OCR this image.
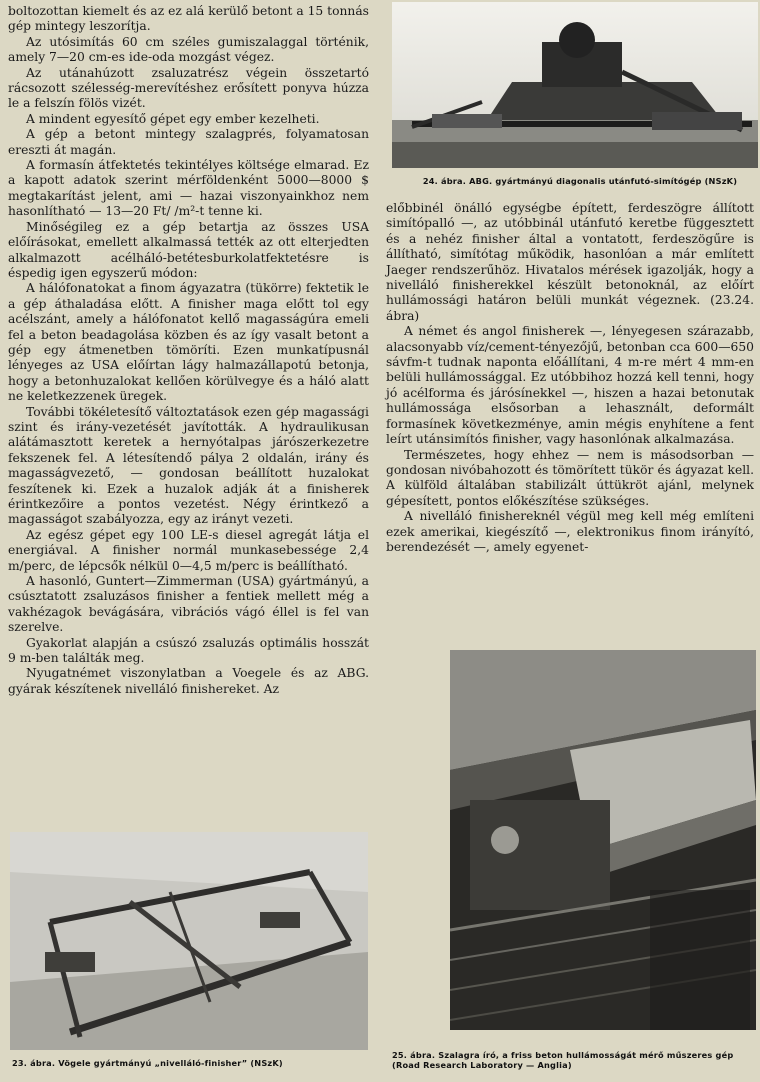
boltozottan kiemelt és az ez alá kerülő betont a 15 tonnás gép mintegy leszorítja.

Az utósimítás 60 cm széles gumiszalaggal történik, amely 7—20 cm-es ide-oda mozgást végez.

Az utánahúzott zsaluzatrész végein összetartó rácsozott szélesség-merevítéshez erősített ponyva húzza le a felszín fölös vizét.

A mindent egyesítő gépet egy ember kezelheti.

A gép a betont mintegy szalagprés, folyamatosan ereszti át magán.

A formasín átfektetés tekintélyes költsége elmarad. Ez a kapott adatok szerint mérföldenként 5000—8000 $ megtakarítást jelent, ami — hazai viszonyainkhoz nem hasonlítható — 13—20 Ft/ /m²-t tenne ki.

Minőségileg ez a gép betartja az összes USA előírásokat, emellett alkalmassá tették az ott elterjedten alkalmazott acélháló-betétesburkolatfektetésre is éspedig igen egyszerű módon:

A hálófonatokat a finom ágyazatra (tükörre) fektetik le a gép áthaladása előtt. A finisher maga előtt tol egy acélszánt, amely a hálófonatot kellő magasságúra emeli fel a beton beadagolása közben és az így vasalt betont a gép egy átmenetben tömöríti. Ezen munkatípusnál lényeges az USA előírtan lágy halmazállapotú betonja, hogy a betonhuzalokat kellően körülvegye és a háló alatt ne keletkezzenek üregek.

További tökéletesítő változtatások ezen gép magassági szint és irány-vezetését javították. A hydraulikusan alátámasztott keretek a hernyótalpas járószerkezetre fekszenek fel. A létesítendő pálya 2 oldalán, irány és magasságvezető, — gondosan beállított huzalokat feszítenek ki. Ezek a huzalok adják át a finisherek érintkezőire a pontos vezetést. Négy érintkező a magasságot szabályozza, egy az irányt vezeti.

Az egész gépet egy 100 LE-s diesel agregát látja el energiával. A finisher normál munkasebessége 2,4 m/perc, de lépcsők nélkül 0—4,5 m/perc is beállítható.

A hasonló, Guntert—Zimmerman (USA) gyártmányú, a csúsztatott zsaluzásos finisher a fentiek mellett még a vakhézagok bevágására, vibrációs vágó éllel is fel van szerelve.

Gyakorlat alapján a csúszó zsaluzás optimális hosszát 9 m-ben találták meg.

Nyugatnémet viszonylatban a Voegele és az ABG. gyárak készítenek nivelláló finishereket. Az

24. ábra. ABG. gyártmányú diagonalis utánfutó-simítógép (NSzK)

előbbinél önálló egységbe épített, ferdeszögre állított simítópalló —, az utóbbinál utánfutó keretbe függesztett és a nehéz finisher által a vontatott, ferdeszögűre is állítható, simítótag működik, hasonlóan a már említett Jaeger rendszerűhöz. Hivatalos mérések igazolják, hogy a nivelláló finisherekkel készült betonoknál, az előírt hullámossági határon belüli munkát végeznek. (23.24. ábra)

A német és angol finisherek —, lényegesen szárazabb, alacsonyabb víz/cement-tényezőjű, betonban cca 600—650 sávfm-t tudnak naponta előállítani, 4 m-re mért 4 mm-en belüli hullámossággal. Ez utóbbihoz hozzá kell tenni, hogy jó acélforma és járósínekkel —, hiszen a hazai betonutak hullámossága elsősorban a lehasznált, deformált formasínek következménye, amin mégis enyhítene a fent leírt utánsimítós finisher, vagy hasonlónak alkalmazása.

Természetes, hogy ehhez — nem is másodsorban — gondosan nivóbahozott és tömörített tükör és ágyazat kell. A külföld általában stabilizált úttükröt ajánl, melynek gépesített, pontos előkészítése szükséges.

A nivelláló finishereknél végül meg kell még említeni ezek amerikai, kiegészítő —, elektronikus finom irányító, berendezését —, amely egyenet-

25. ábra. Szalagra író, a friss beton hullámosságát mérő műszeres gép (Road Research Laboratory — Anglia)
23. ábra. Vögele gyártmányú „nivelláló-finisher” (NSzK)
